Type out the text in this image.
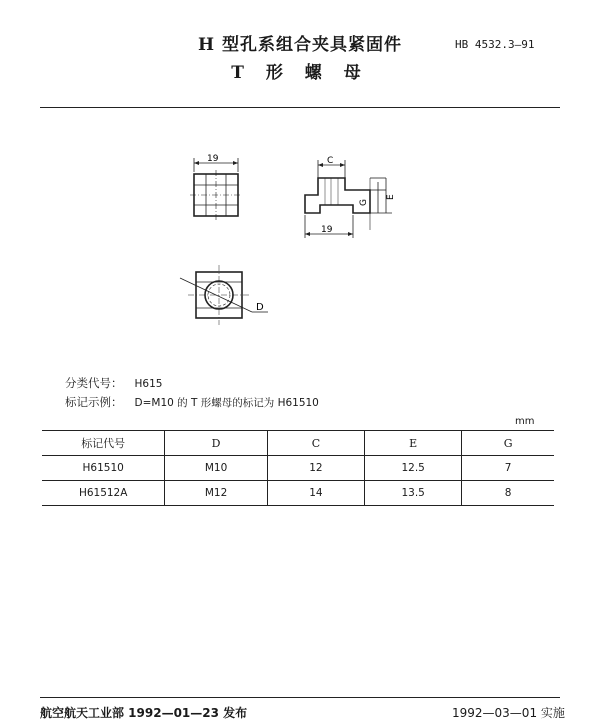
H 型孔系组合夹具紧固件
T 形 螺 母
HB 4532.3—91
19	C
G
E
19
D
分类代号： H615
标记示例： D=M10 的 T 形螺母的标记为 H61510
mm
标记代号	D	C	E	G
H61510	M10	12	12.5	7
H61512A	M12	14	13.5	8
航空航天工业部 1992—01—23 发布	1992—03—01 实施
